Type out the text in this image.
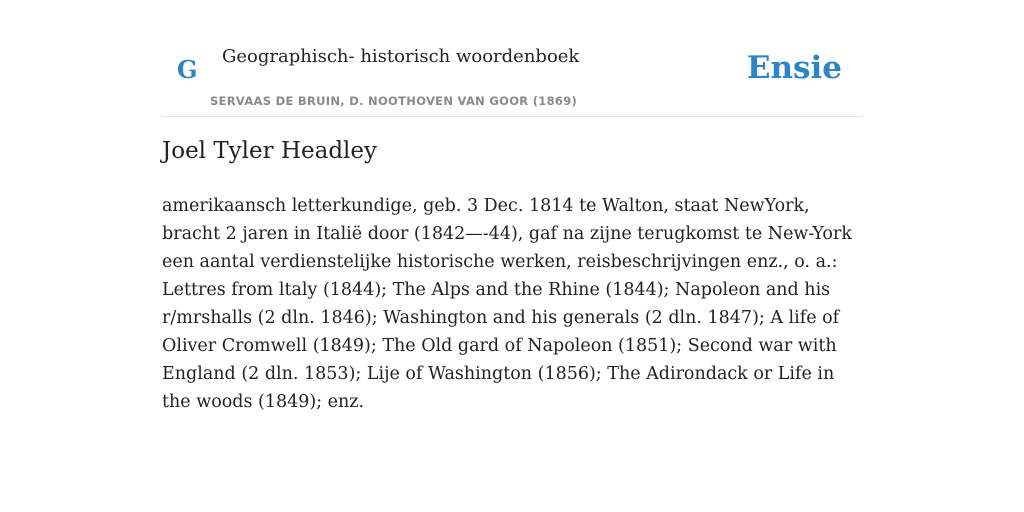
G Geographisch- historisch woordenboek
SERVAAS DE BRUIN, D. NOOTHOVEN VAN GOOR (1869)
Ensie
Joel Tyler Headley

amerikaansch letterkundige, geb. 3 Dec. 1814 te Walton, staat NewYork, bracht 2 jaren in Italië door (1842—-44), gaf na zijne terugkomst te New-York een aantal verdienstelijke historische werken, reisbeschrijvingen enz., o. a.: Lettres from ltaly (1844); The Alps and the Rhine (1844); Napoleon and his r/mrshalls (2 dln. 1846); Washington and his generals (2 dln. 1847); A life of Oliver Cromwell (1849); The Old gard of Napoleon (1851); Second war with England (2 dln. 1853); Lije of Washington (1856); The Adirondack or Life in the woods (1849); enz.
